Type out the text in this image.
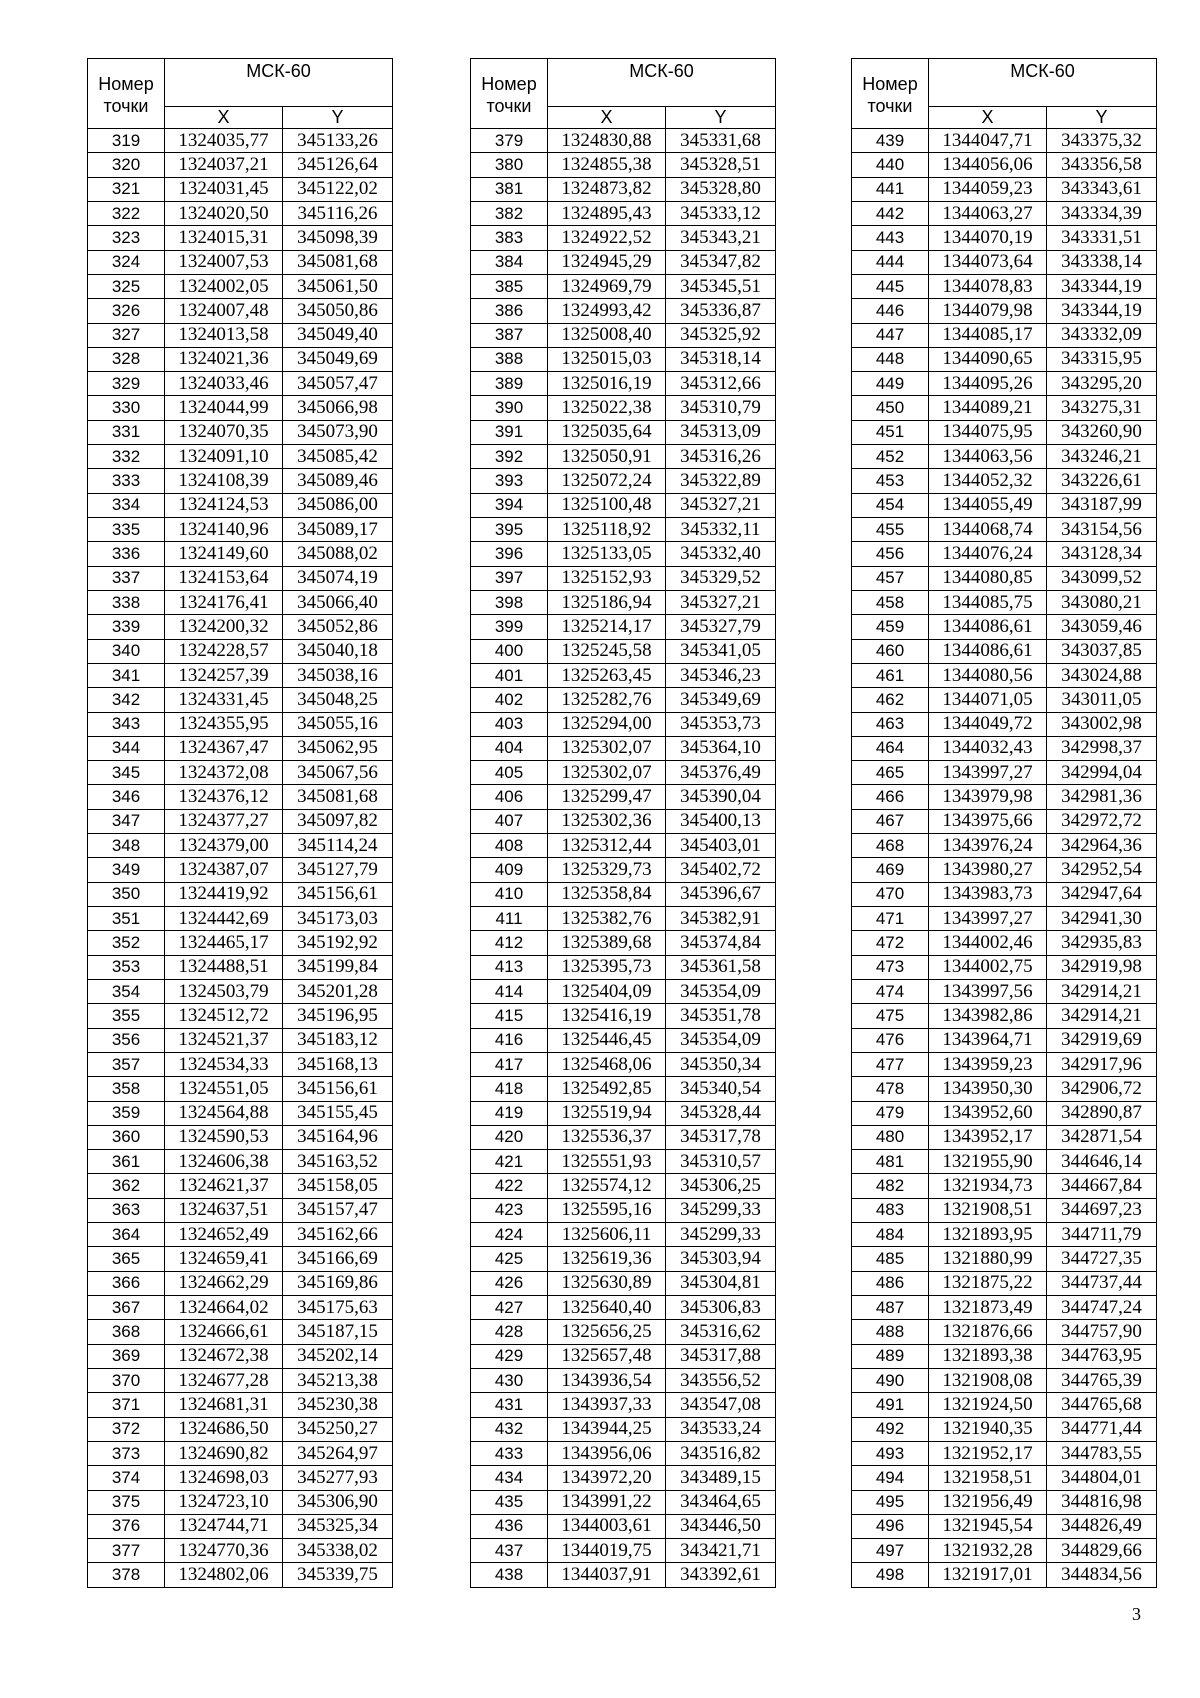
Номер
точки	МСК-60	
	X	Y
319	1324035,77	345133,26
320	1324037,21	345126,64
321	1324031,45	345122,02
322	1324020,50	345116,26
323	1324015,31	345098,39
324	1324007,53	345081,68
325	1324002,05	345061,50
326	1324007,48	345050,86
327	1324013,58	345049,40
328	1324021,36	345049,69
329	1324033,46	345057,47
330	1324044,99	345066,98
331	1324070,35	345073,90
332	1324091,10	345085,42
333	1324108,39	345089,46
334	1324124,53	345086,00
335	1324140,96	345089,17
336	1324149,60	345088,02
337	1324153,64	345074,19
338	1324176,41	345066,40
339	1324200,32	345052,86
340	1324228,57	345040,18
341	1324257,39	345038,16
342	1324331,45	345048,25
343	1324355,95	345055,16
344	1324367,47	345062,95
345	1324372,08	345067,56
346	1324376,12	345081,68
347	1324377,27	345097,82
348	1324379,00	345114,24
349	1324387,07	345127,79
350	1324419,92	345156,61
351	1324442,69	345173,03
352	1324465,17	345192,92
353	1324488,51	345199,84
354	1324503,79	345201,28
355	1324512,72	345196,95
356	1324521,37	345183,12
357	1324534,33	345168,13
358	1324551,05	345156,61
359	1324564,88	345155,45
360	1324590,53	345164,96
361	1324606,38	345163,52
362	1324621,37	345158,05
363	1324637,51	345157,47
364	1324652,49	345162,66
365	1324659,41	345166,69
366	1324662,29	345169,86
367	1324664,02	345175,63
368	1324666,61	345187,15
369	1324672,38	345202,14
370	1324677,28	345213,38
371	1324681,31	345230,38
372	1324686,50	345250,27
373	1324690,82	345264,97
374	1324698,03	345277,93
375	1324723,10	345306,90
376	1324744,71	345325,34
377	1324770,36	345338,02
378	1324802,06	345339,75
Номер
точки	МСК-60	
	X	Y
379	1324830,88	345331,68
380	1324855,38	345328,51
381	1324873,82	345328,80
382	1324895,43	345333,12
383	1324922,52	345343,21
384	1324945,29	345347,82
385	1324969,79	345345,51
386	1324993,42	345336,87
387	1325008,40	345325,92
388	1325015,03	345318,14
389	1325016,19	345312,66
390	1325022,38	345310,79
391	1325035,64	345313,09
392	1325050,91	345316,26
393	1325072,24	345322,89
394	1325100,48	345327,21
395	1325118,92	345332,11
396	1325133,05	345332,40
397	1325152,93	345329,52
398	1325186,94	345327,21
399	1325214,17	345327,79
400	1325245,58	345341,05
401	1325263,45	345346,23
402	1325282,76	345349,69
403	1325294,00	345353,73
404	1325302,07	345364,10
405	1325302,07	345376,49
406	1325299,47	345390,04
407	1325302,36	345400,13
408	1325312,44	345403,01
409	1325329,73	345402,72
410	1325358,84	345396,67
411	1325382,76	345382,91
412	1325389,68	345374,84
413	1325395,73	345361,58
414	1325404,09	345354,09
415	1325416,19	345351,78
416	1325446,45	345354,09
417	1325468,06	345350,34
418	1325492,85	345340,54
419	1325519,94	345328,44
420	1325536,37	345317,78
421	1325551,93	345310,57
422	1325574,12	345306,25
423	1325595,16	345299,33
424	1325606,11	345299,33
425	1325619,36	345303,94
426	1325630,89	345304,81
427	1325640,40	345306,83
428	1325656,25	345316,62
429	1325657,48	345317,88
430	1343936,54	343556,52
431	1343937,33	343547,08
432	1343944,25	343533,24
433	1343956,06	343516,82
434	1343972,20	343489,15
435	1343991,22	343464,65
436	1344003,61	343446,50
437	1344019,75	343421,71
438	1344037,91	343392,61
Номер
точки	МСК-60	
	X	Y
439	1344047,71	343375,32
440	1344056,06	343356,58
441	1344059,23	343343,61
442	1344063,27	343334,39
443	1344070,19	343331,51
444	1344073,64	343338,14
445	1344078,83	343344,19
446	1344079,98	343344,19
447	1344085,17	343332,09
448	1344090,65	343315,95
449	1344095,26	343295,20
450	1344089,21	343275,31
451	1344075,95	343260,90
452	1344063,56	343246,21
453	1344052,32	343226,61
454	1344055,49	343187,99
455	1344068,74	343154,56
456	1344076,24	343128,34
457	1344080,85	343099,52
458	1344085,75	343080,21
459	1344086,61	343059,46
460	1344086,61	343037,85
461	1344080,56	343024,88
462	1344071,05	343011,05
463	1344049,72	343002,98
464	1344032,43	342998,37
465	1343997,27	342994,04
466	1343979,98	342981,36
467	1343975,66	342972,72
468	1343976,24	342964,36
469	1343980,27	342952,54
470	1343983,73	342947,64
471	1343997,27	342941,30
472	1344002,46	342935,83
473	1344002,75	342919,98
474	1343997,56	342914,21
475	1343982,86	342914,21
476	1343964,71	342919,69
477	1343959,23	342917,96
478	1343950,30	342906,72
479	1343952,60	342890,87
480	1343952,17	342871,54
481	1321955,90	344646,14
482	1321934,73	344667,84
483	1321908,51	344697,23
484	1321893,95	344711,79
485	1321880,99	344727,35
486	1321875,22	344737,44
487	1321873,49	344747,24
488	1321876,66	344757,90
489	1321893,38	344763,95
490	1321908,08	344765,39
491	1321924,50	344765,68
492	1321940,35	344771,44
493	1321952,17	344783,55
494	1321958,51	344804,01
495	1321956,49	344816,98
496	1321945,54	344826,49
497	1321932,28	344829,66
498	1321917,01	344834,56
3
